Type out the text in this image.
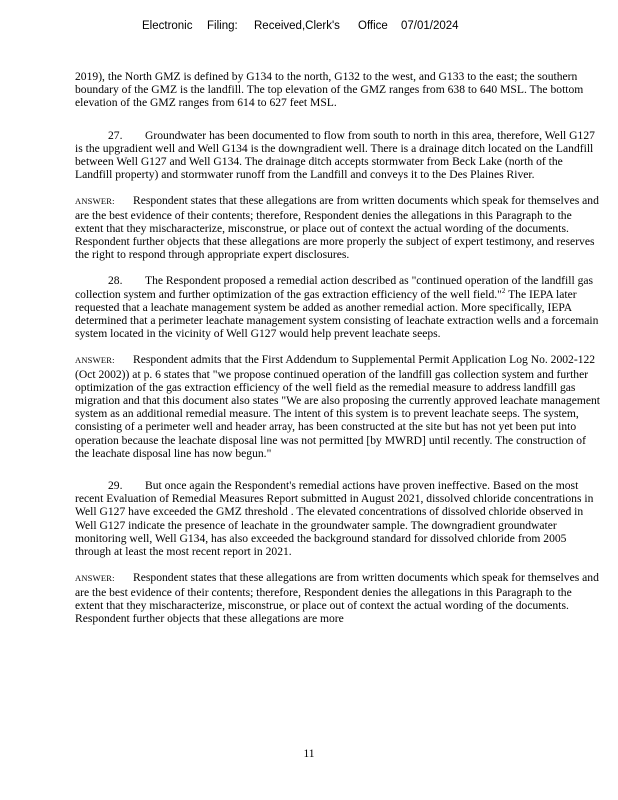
Electronic Filing: Received,Clerk's Office 07/01/2024

2019), the North GMZ is defined by G134 to the north, G132 to the west, and G133 to the east; the southern boundary of the GMZ is the landfill. The top elevation of the GMZ ranges from 638 to 640 MSL. The bottom elevation of the GMZ ranges from 614 to 627 feet MSL.

27. Groundwater has been documented to flow from south to north in this area, therefore, Well G127 is the upgradient well and Well G134 is the downgradient well. There is a drainage ditch located on the Landfill between Well G127 and Well G134. The drainage ditch accepts stormwater from Beck Lake (north of the Landfill property) and stormwater runoff from the Landfill and conveys it to the Des Plaines River.

ANSWER: Respondent states that these allegations are from written documents which speak for themselves and are the best evidence of their contents; therefore, Respondent denies the allegations in this Paragraph to the extent that they mischaracterize, misconstrue, or place out of context the actual wording of the documents. Respondent further objects that these allegations are more properly the subject of expert testimony, and reserves the right to respond through appropriate expert disclosures.

28. The Respondent proposed a remedial action described as "continued operation of the landfill gas collection system and further optimization of the gas extraction efficiency of the well field."$^2$ The IEPA later requested that a leachate management system be added as another remedial action. More specifically, IEPA determined that a perimeter leachate management system consisting of leachate extraction wells and a forcemain system located in the vicinity of Well G127 would help prevent leachate seeps.

ANSWER: Respondent admits that the First Addendum to Supplemental Permit Application Log No. 2002-122 (Oct 2002)) at p. 6 states that "we propose continued operation of the landfill gas collection system and further optimization of the gas extraction efficiency of the well field as the remedial measure to address landfill gas migration and that this document also states "We are also proposing the currently approved leachate management system as an additional remedial measure. The intent of this system is to prevent leachate seeps. The system, consisting of a perimeter well and header array, has been constructed at the site but has not yet been put into operation because the leachate disposal line was not permitted [by MWRD] until recently. The construction of the leachate disposal line has now begun."

29. But once again the Respondent's remedial actions have proven ineffective. Based on the most recent Evaluation of Remedial Measures Report submitted in August 2021, dissolved chloride concentrations in Well G127 have exceeded the GMZ threshold . The elevated concentrations of dissolved chloride observed in Well G127 indicate the presence of leachate in the groundwater sample. The downgradient groundwater monitoring well, Well G134, has also exceeded the background standard for dissolved chloride from 2005 through at least the most recent report in 2021.

ANSWER: Respondent states that these allegations are from written documents which speak for themselves and are the best evidence of their contents; therefore, Respondent denies the allegations in this Paragraph to the extent that they mischaracterize, misconstrue, or place out of context the actual wording of the documents. Respondent further objects that these allegations are more

11
